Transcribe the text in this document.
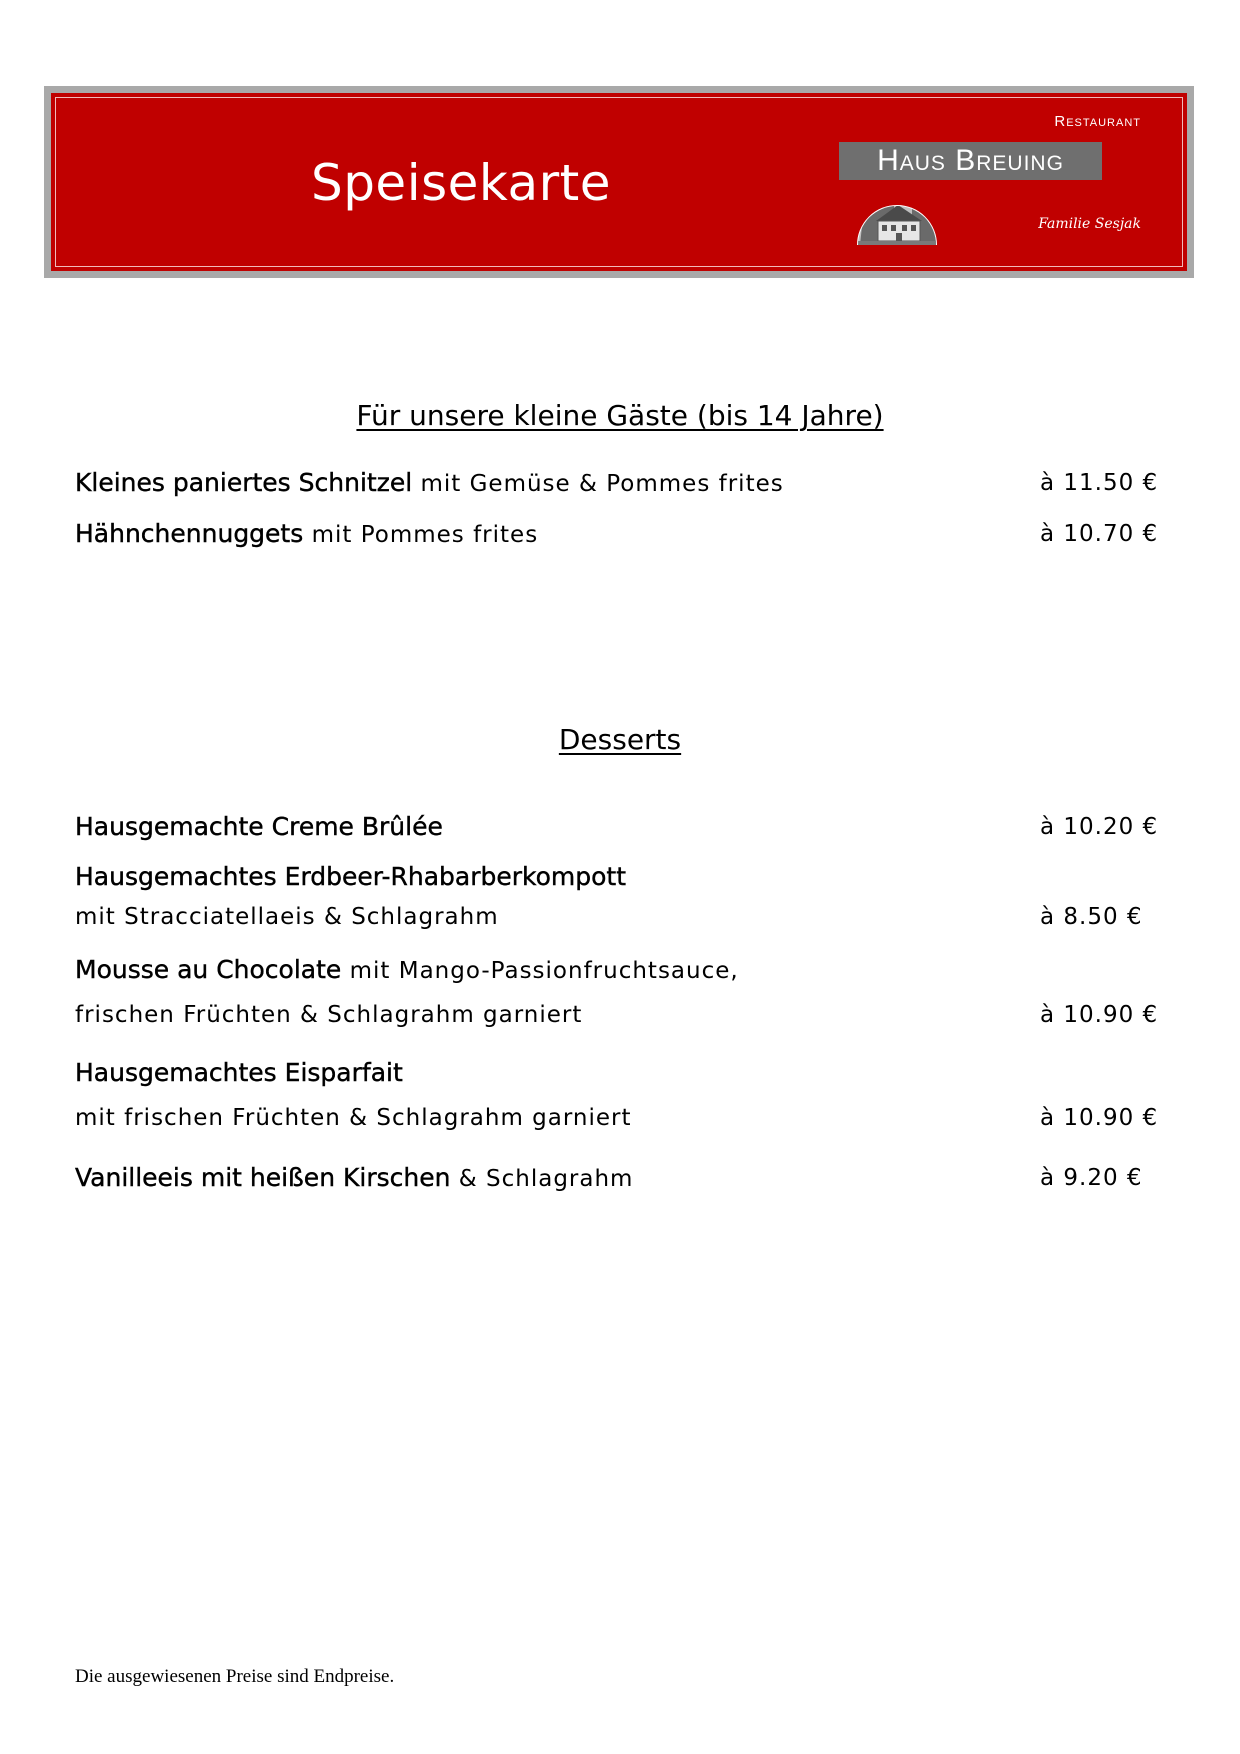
Speisekarte
Restaurant
Haus Breuing
Familie Sesjak
Für unsere kleine Gäste (bis 14 Jahre)
Kleines paniertes Schnitzel mit Gemüse & Pommes frites	à 11.50 €
Hähnchennuggets mit Pommes frites	à 10.70 €
Desserts
Hausgemachte Creme Brûlée	à 10.20 €
Hausgemachtes Erdbeer-Rhabarberkompott
mit Stracciatellaeis & Schlagrahm	à 8.50 €
Mousse au Chocolate mit Mango-Passionfruchtsauce,
frischen Früchten & Schlagrahm garniert	à 10.90 €
Hausgemachtes Eisparfait
mit frischen Früchten & Schlagrahm garniert	à 10.90 €
Vanilleeis mit heißen Kirschen & Schlagrahm	à 9.20 €
Die ausgewiesenen Preise sind Endpreise.
